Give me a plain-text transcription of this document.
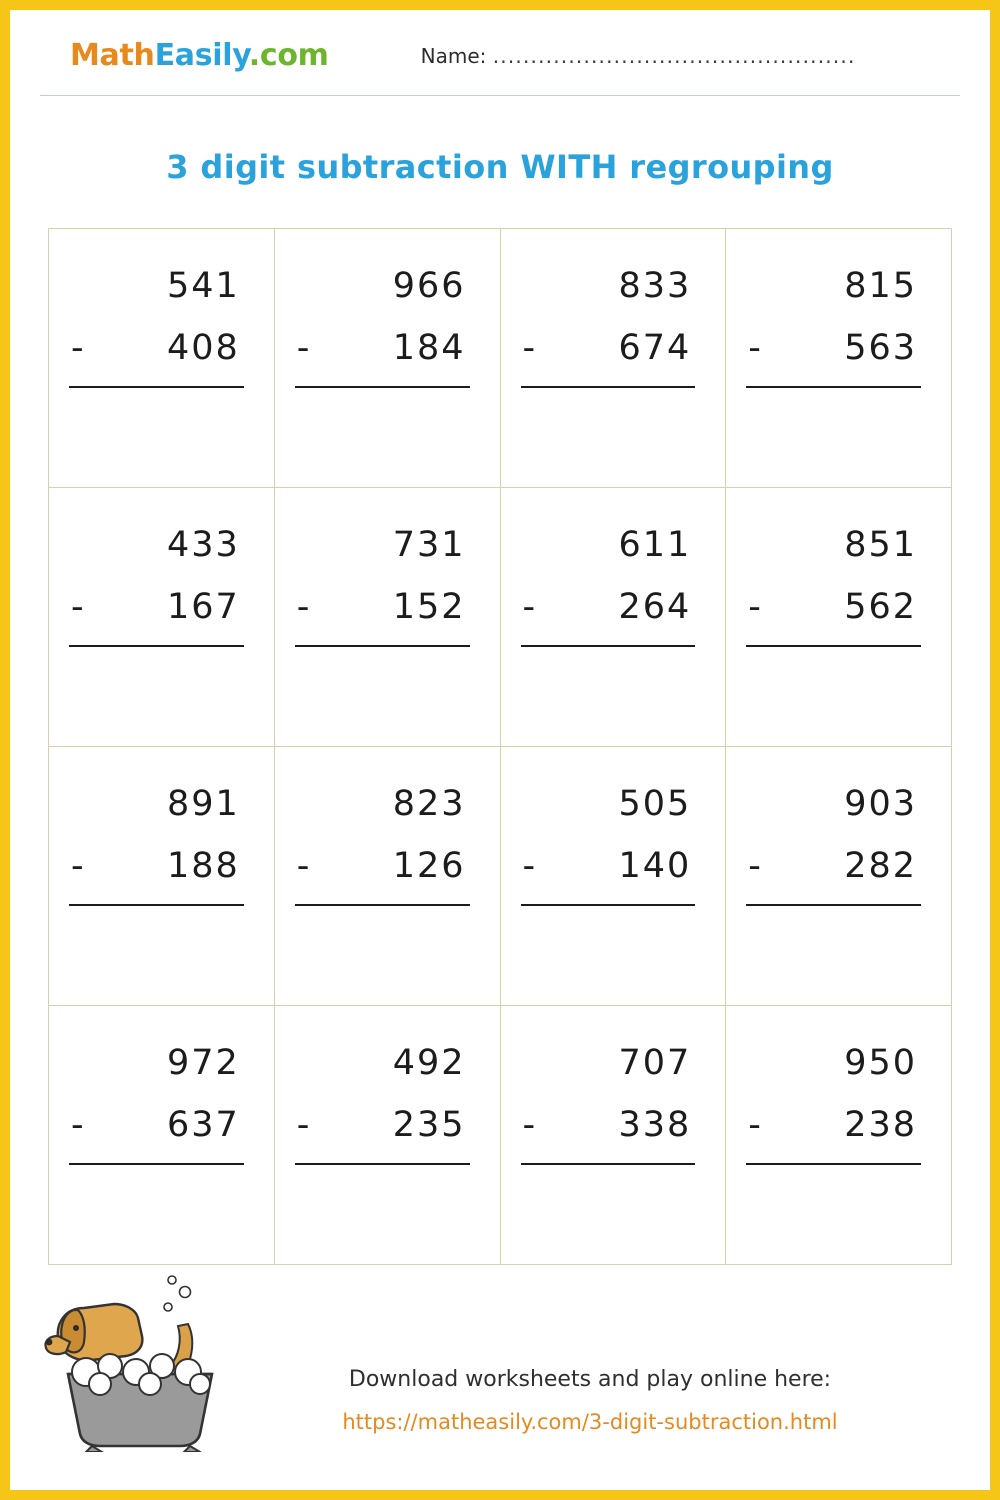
MathEasily.com	Name: ................................................
3 digit subtraction WITH regrouping
541
- 408
966
- 184
833
- 674
815
- 563
433
- 167
731
- 152
611
- 264
851
- 562
891
- 188
823
- 126
505
- 140
903
- 282
972
- 637
492
- 235
707
- 338
950
- 238
Download worksheets and play online here:
https://matheasily.com/3-digit-subtraction.html
